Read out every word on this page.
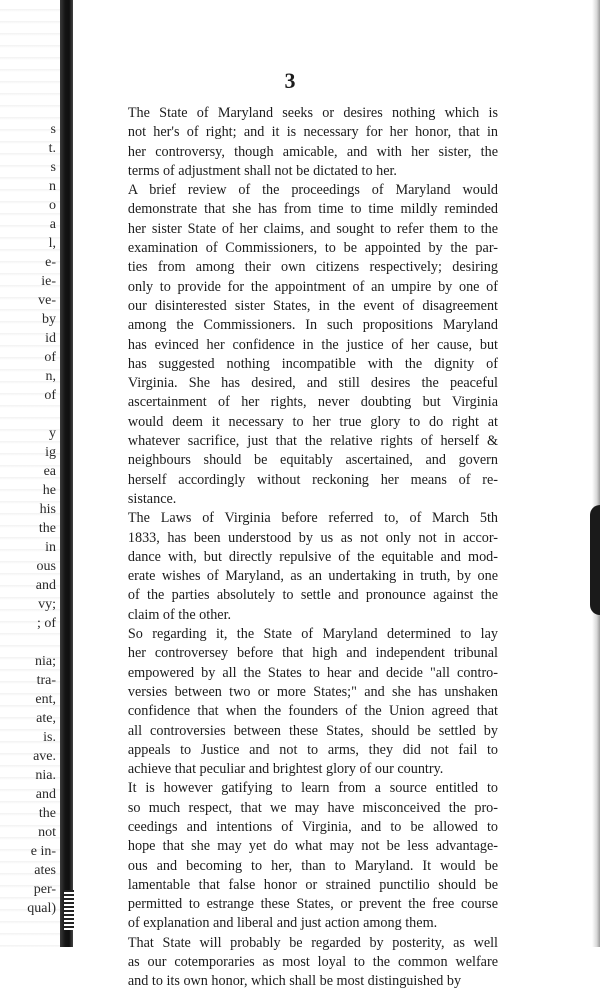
s
t.
s
n
o
a
l,
e-
ie-
ve-
by
id
of
n,
of

y
ig
ea
he
his
the
in
ous
and
vy;
; of

nia;
tra-
ent,
ate,
is.
ave.
nia.
and
the
not
e in-
ates
per-
qual)
3

The State of Maryland seeks or desires nothing which is
not her's of right; and it is necessary for her honor, that in
her controversy, though amicable, and with her sister, the
terms of adjustment shall not be dictated to her.

A brief review of the proceedings of Maryland would
demonstrate that she has from time to time mildly reminded
her sister State of her claims, and sought to refer them to the
examination of Commissioners, to be appointed by the par-
ties from among their own citizens respectively; desiring
only to provide for the appointment of an umpire by one of
our disinterested sister States, in the event of disagreement
among the Commissioners. In such propositions Maryland
has evinced her confidence in the justice of her cause, but
has suggested nothing incompatible with the dignity of
Virginia. She has desired, and still desires the peaceful
ascertainment of her rights, never doubting but Virginia
would deem it necessary to her true glory to do right at
whatever sacrifice, just that the relative rights of herself &
neighbours should be equitably ascertained, and govern
herself accordingly without reckoning her means of re-
sistance.

The Laws of Virginia before referred to, of March 5th
1833, has been understood by us as not only not in accor-
dance with, but directly repulsive of the equitable and mod-
erate wishes of Maryland, as an undertaking in truth, by one
of the parties absolutely to settle and pronounce against the
claim of the other.

So regarding it, the State of Maryland determined to lay
her controversey before that high and independent tribunal
empowered by all the States to hear and decide "all contro-
versies between two or more States;" and she has unshaken
confidence that when the founders of the Union agreed that
all controversies between these States, should be settled by
appeals to Justice and not to arms, they did not fail to
achieve that peculiar and brightest glory of our country.

It is however gatifying to learn from a source entitled to
so much respect, that we may have misconceived the pro-
ceedings and intentions of Virginia, and to be allowed to
hope that she may yet do what may not be less advantage-
ous and becoming to her, than to Maryland. It would be
lamentable that false honor or strained punctilio should be
permitted to estrange these States, or prevent the free course
of explanation and liberal and just action among them.

That State will probably be regarded by posterity, as well
as our cotemporaries as most loyal to the common welfare
and to its own honor, which shall be most distinguished by
